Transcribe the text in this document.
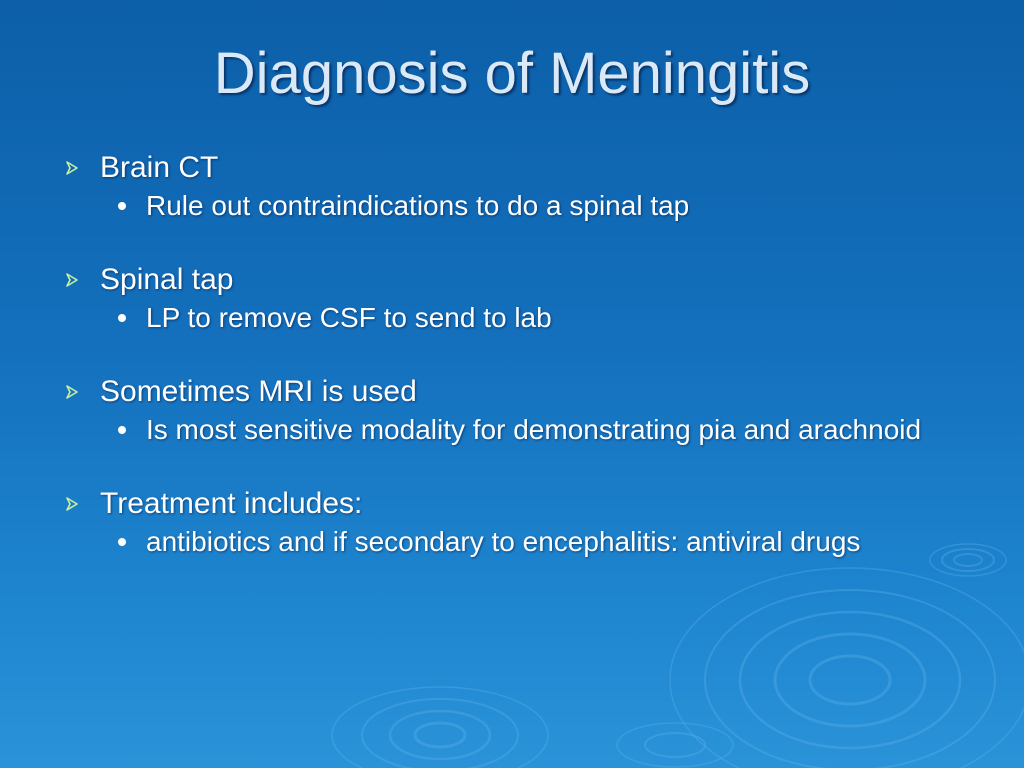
Diagnosis of Meningitis
Brain CT
Rule out contraindications to do a spinal tap
Spinal tap
LP to remove CSF to send to lab
Sometimes MRI is used
Is most sensitive modality for demonstrating pia and arachnoid
Treatment includes:
antibiotics and if secondary to encephalitis: antiviral drugs
